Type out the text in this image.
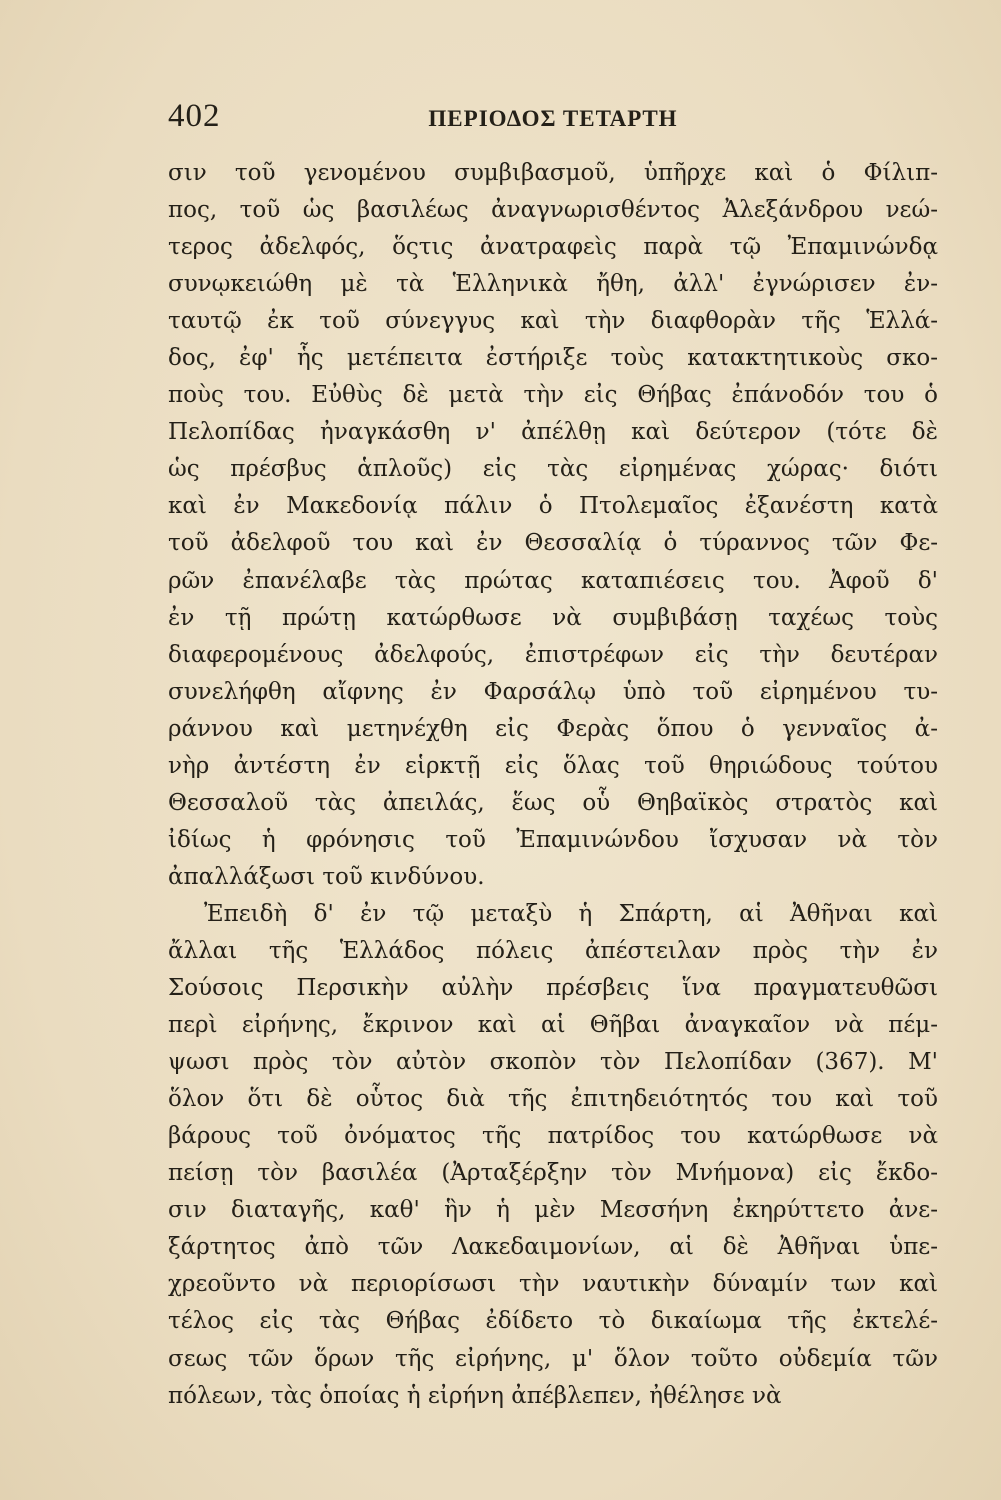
402	ΠΕΡΙΟΔΟΣ ΤΕΤΑΡΤΗ
σιν τοῦ γενομένου συμβιβασμοῦ, ὑπῆρχε καὶ ὁ Φίλιπ-
πος, τοῦ ὡς βασιλέως ἀναγνωρισθέντος Ἀλεξάνδρου νεώ-
τερος ἀδελφός, ὅςτις ἀνατραφεὶς παρὰ τῷ Ἐπαμινώνδᾳ
συνῳκειώθη μὲ τὰ Ἑλληνικὰ ἤθη, ἀλλ' ἐγνώρισεν ἐν-
ταυτῷ ἐκ τοῦ σύνεγγυς καὶ τὴν διαφθορὰν τῆς Ἑλλά-
δος, ἐφ' ἧς μετέπειτα ἐστήριξε τοὺς κατακτητικοὺς σκο-
ποὺς του. Εὐθὺς δὲ μετὰ τὴν εἰς Θήβας ἐπάνοδόν του ὁ
Πελοπίδας ἠναγκάσθη ν' ἀπέλθῃ καὶ δεύτερον (τότε δὲ
ὡς πρέσβυς ἁπλοῦς) εἰς τὰς εἰρημένας χώρας· διότι
καὶ ἐν Μακεδονίᾳ πάλιν ὁ Πτολεμαῖος ἐξανέστη κατὰ
τοῦ ἀδελφοῦ του καὶ ἐν Θεσσαλίᾳ ὁ τύραννος τῶν Φε-
ρῶν ἐπανέλαβε τὰς πρώτας καταπιέσεις του. Ἀφοῦ δ'
ἐν τῇ πρώτῃ κατώρθωσε νὰ συμβιβάσῃ ταχέως τοὺς
διαφερομένους ἀδελφούς, ἐπιστρέφων εἰς τὴν δευτέραν
συνελήφθη αἴφνης ἐν Φαρσάλῳ ὑπὸ τοῦ εἰρημένου τυ-
ράννου καὶ μετηνέχθη εἰς Φερὰς ὅπου ὁ γενναῖος ἀ-
νὴρ ἀντέστη ἐν εἱρκτῇ εἰς ὅλας τοῦ θηριώδους τούτου
Θεσσαλοῦ τὰς ἀπειλάς, ἕως οὗ Θηβαϊκὸς στρατὸς καὶ
ἰδίως ἡ φρόνησις τοῦ Ἐπαμινώνδου ἴσχυσαν νὰ τὸν
ἀπαλλάξωσι τοῦ κινδύνου.
Ἐπειδὴ δ' ἐν τῷ μεταξὺ ἡ Σπάρτη, αἱ Ἀθῆναι καὶ
ἄλλαι τῆς Ἑλλάδος πόλεις ἀπέστειλαν πρὸς τὴν ἐν
Σούσοις Περσικὴν αὐλὴν πρέσβεις ἵνα πραγματευθῶσι
περὶ εἰρήνης, ἔκρινον καὶ αἱ Θῆβαι ἀναγκαῖον νὰ πέμ-
ψωσι πρὸς τὸν αὐτὸν σκοπὸν τὸν Πελοπίδαν (367). Μ'
ὅλον ὅτι δὲ οὗτος διὰ τῆς ἐπιτηδειότητός του καὶ τοῦ
βάρους τοῦ ὀνόματος τῆς πατρίδος του κατώρθωσε νὰ
πείσῃ τὸν βασιλέα (Ἀρταξέρξην τὸν Μνήμονα) εἰς ἔκδο-
σιν διαταγῆς, καθ' ἣν ἡ μὲν Μεσσήνη ἐκηρύττετο ἀνε-
ξάρτητος ἀπὸ τῶν Λακεδαιμονίων, αἱ δὲ Ἀθῆναι ὑπε-
χρεοῦντο νὰ περιορίσωσι τὴν ναυτικὴν δύναμίν των καὶ
τέλος εἰς τὰς Θήβας ἐδίδετο τὸ δικαίωμα τῆς ἐκτελέ-
σεως τῶν ὅρων τῆς εἰρήνης, μ' ὅλον τοῦτο οὐδεμία τῶν
πόλεων, τὰς ὁποίας ἡ εἰρήνη ἀπέβλεπεν, ἠθέλησε νὰ
